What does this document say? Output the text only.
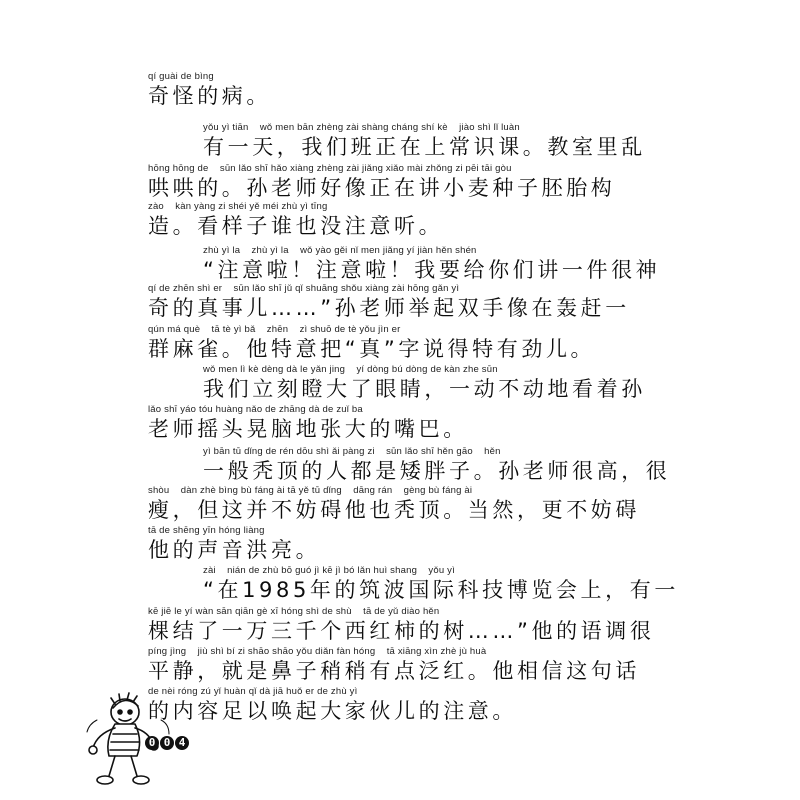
qí guài de bìng
奇怪的病。
yǒu yì tiān    wǒ men bān zhèng zài shàng cháng shí kè    jiào shì lǐ luàn
有一天，我们班正在上常识课。教室里乱
hōng hōng de    sūn lǎo shī hǎo xiàng zhèng zài jiǎng xiǎo mài zhǒng zi pēi tāi gòu
哄哄的。孙老师好像正在讲小麦种子胚胎构
zào    kàn yàng zi shéi yě méi zhù yì tīng
造。看样子谁也没注意听。
zhù yì la    zhù yì la    wǒ yào gěi nǐ men jiǎng yí jiàn hěn shén
“注意啦！注意啦！我要给你们讲一件很神
qí de zhēn shì er    sūn lǎo shī jǔ qǐ shuāng shǒu xiàng zài hōng gǎn yì
奇的真事儿……”孙老师举起双手像在轰赶一
qún má què    tā tè yì bǎ    zhēn    zì shuō de tè yǒu jìn er
群麻雀。他特意把“真”字说得特有劲儿。
wǒ men lì kè dèng dà le yǎn jing    yí dòng bú dòng de kàn zhe sūn
我们立刻瞪大了眼睛，一动不动地看着孙
lǎo shī yáo tóu huàng nǎo de zhāng dà de zuǐ ba
老师摇头晃脑地张大的嘴巴。
yì bān tū dǐng de rén dōu shì ǎi pàng zi    sūn lǎo shī hěn gāo    hěn
一般秃顶的人都是矮胖子。孙老师很高，很
shòu    dàn zhè bìng bù fáng ài tā yě tū dǐng    dāng rán    gèng bù fáng ài
瘦，但这并不妨碍他也秃顶。当然，更不妨碍
tā de shēng yīn hóng liàng
他的声音洪亮。
zài    nián de zhù bō guó jì kē jì bó lǎn huì shang    yǒu yì
“在1985年的筑波国际科技博览会上，有一
kē jiē le yí wàn sān qiān gè xī hóng shì de shù    tā de yǔ diào hěn
棵结了一万三千个西红柿的树……”他的语调很
píng jìng    jiù shì bí zi shāo shāo yǒu diǎn fàn hóng    tā xiāng xìn zhè jù huà
平静，就是鼻子稍稍有点泛红。他相信这句话
de nèi róng zú yǐ huàn qǐ dà jiā huǒ er de zhù yì
的内容足以唤起大家伙儿的注意。
0 0 4
